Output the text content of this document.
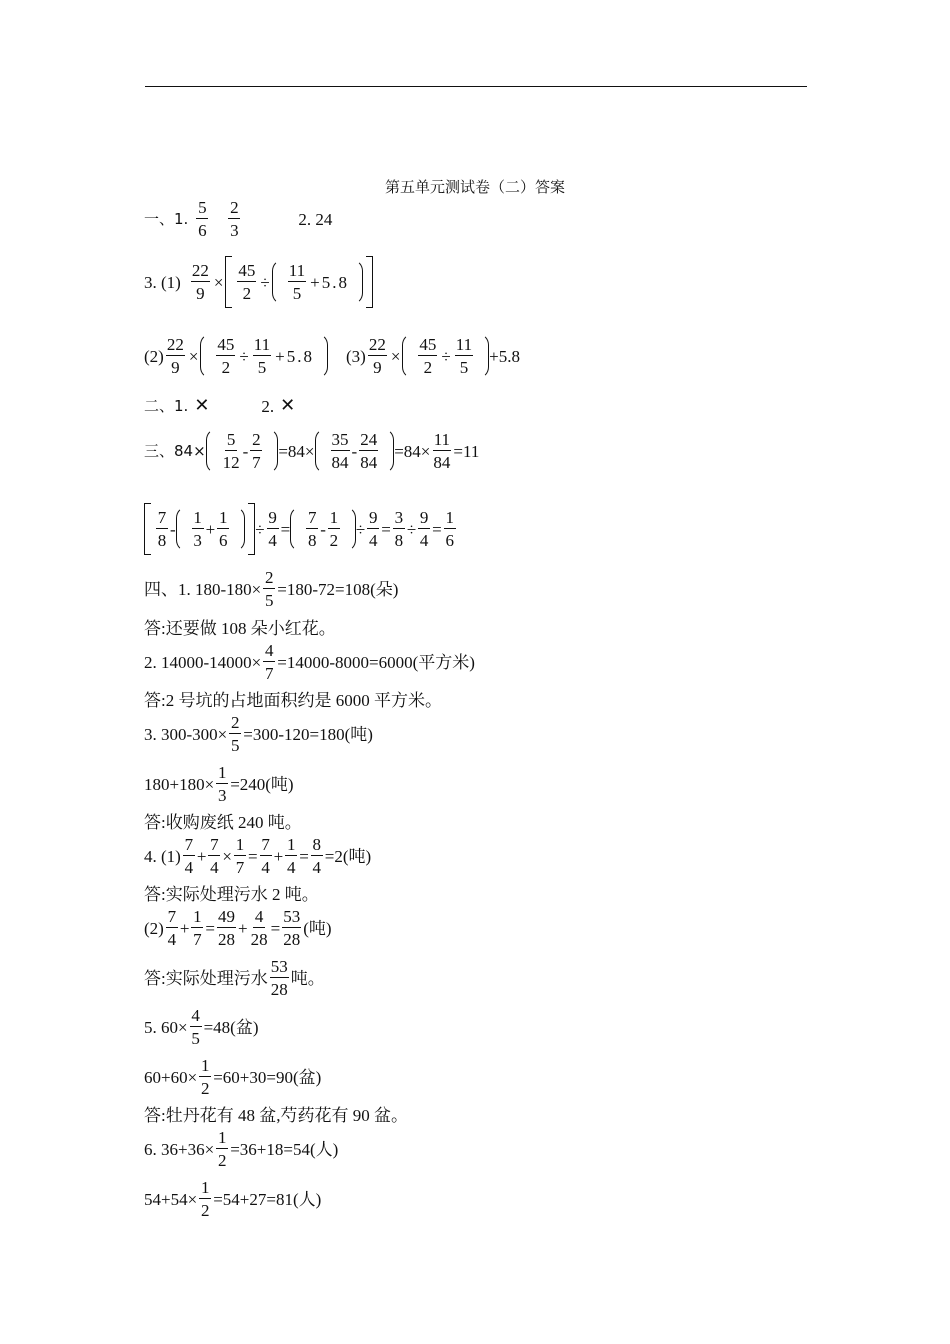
第五单元测试卷（二）答案
一、1. $\frac{5}{6} \frac{2}{3}$	2. 24
3. $(1) \frac{22}{9} \times \frac{45}{2} \div \frac{11}{5} + 5.8$
$(2) \frac{22}{9} \times \frac{45}{2} \div \frac{11}{5} + 5.8$ $(3) \frac{22}{9} \times \frac{45}{2} \div \frac{11}{5} +5.8$
二、1. ✕	2. ✕
三、$84\times \frac{5}{12} - \frac{2}{7} =84\times \frac{35}{84} - \frac{24}{84} =84\times \frac{11}{84} =11$
$\frac{7}{8} - \frac{1}{3} + \frac{1}{6} \div \frac{9}{4} = \frac{7}{8} - \frac{1}{2} \div \frac{9}{4} = \frac{3}{8} \div \frac{9}{4} = \frac{1}{6}$
四、1. $180-180\times \frac{2}{5} =180-72=108$(朵)
答:还要做 108 朵小红花。
2. $14000-14000\times \frac{4}{7} =14000-8000=6000$(平方米)
答:2 号坑的占地面积约是 6000 平方米。
3. $300-300\times \frac{2}{5} =300-120=180$(吨)
$180+180\times \frac{1}{3} =240$(吨)
答:收购废纸 240 吨。
4. $(1) \frac{7}{4} + \frac{7}{4} \times \frac{1}{7} = \frac{7}{4} + \frac{1}{4} = \frac{8}{4} =2$(吨)
答:实际处理污水 2 吨。
$(2) \frac{7}{4} + \frac{1}{7} = \frac{49}{28} + \frac{4}{28} = \frac{53}{28}$ (吨)
答:实际处理污水 $\frac{53}{28}$ 吨。
5. $60\times \frac{4}{5} =48$(盆)
$60+60\times \frac{1}{2} =60+30=90$(盆)
答:牡丹花有 48 盆,芍药花有 90 盆。
6. $36+36\times \frac{1}{2} =36+18=54$(人)
$54+54\times \frac{1}{2} =54+27=81$(人)
